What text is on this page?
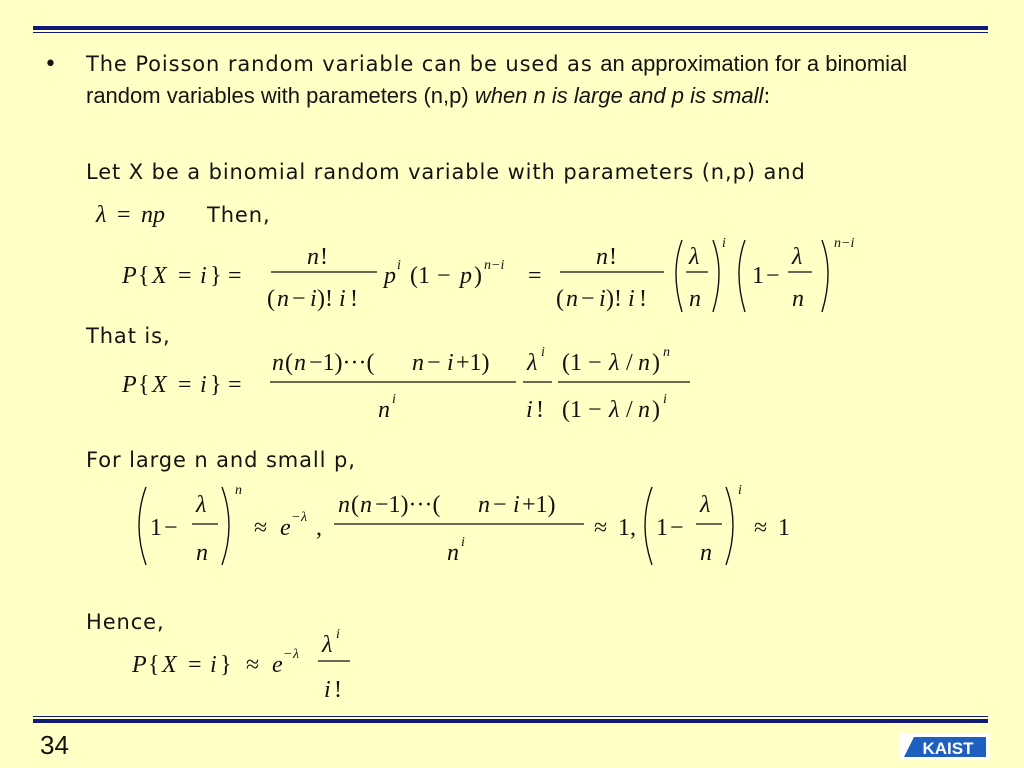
• The Poisson random variable can be used as an approximation for a binomial random variables with parameters (n,p) when n is large and p is small:
Let X be a binomial random variable with parameters (n,p) and
Then,
That is,
For large n and small p,
Hence,
λ = np
P { X = i } =
n !
( n − i )! i !
p i (1 − p ) n−i =
n !
( n − i )! i !
λ
n
i
1 −
λ
n
n−i
P { X = i } =
n ( n −1)···( n − i +1)
n i
λ i
i !
(1 − λ / n ) n
(1 − λ / n ) i
1 −
λ
n
n
≈ e − λ ,
n ( n −1)···( n − i +1)
n i
≈ 1, 1 −
λ
n
i
≈ 1
P { X = i } ≈ e − λ λ i
i !
34	KAIST
